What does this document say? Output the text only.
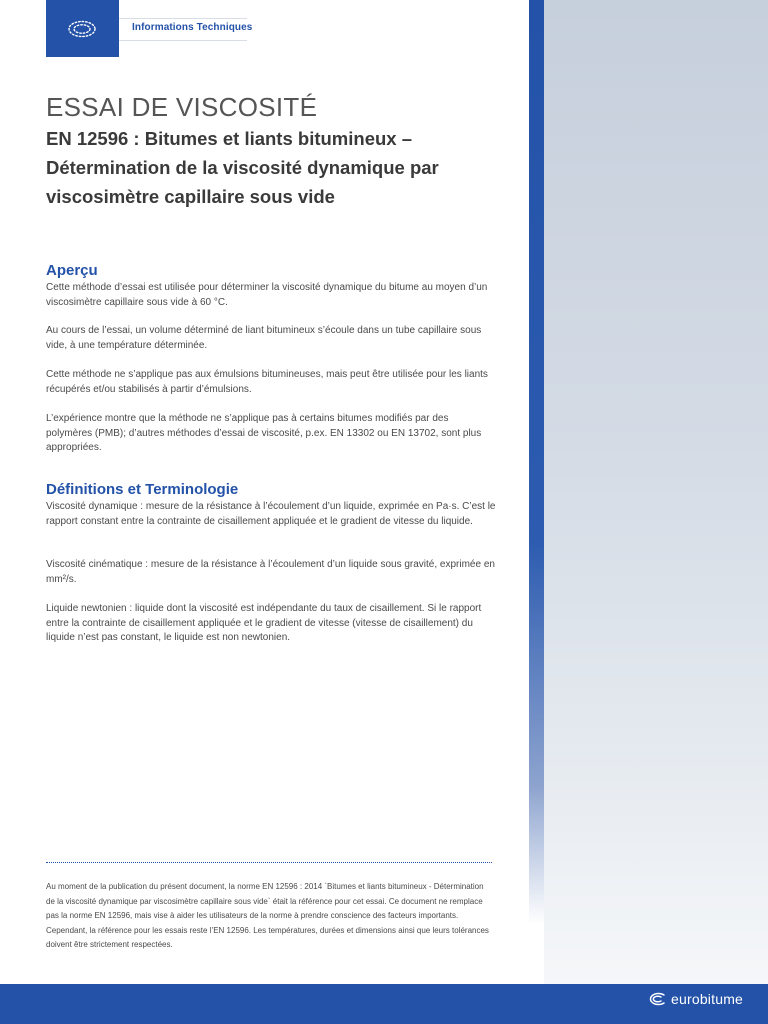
Informations Techniques
ESSAI DE VISCOSITÉ
EN 12596 : Bitumes et liants bitumineux – Détermination de la viscosité dynamique par viscosimètre capillaire sous vide
Aperçu

Cette méthode d’essai est utilisée pour déterminer la viscosité dynamique du bitume au moyen d’un viscosimètre capillaire sous vide à 60 °C.

Au cours de l’essai, un volume déterminé de liant bitumineux s’écoule dans un tube capillaire sous vide, à une température déterminée.

Cette méthode ne s’applique pas aux émulsions bitumineuses, mais peut être utilisée pour les liants récupérés et/ou stabilisés à partir d’émulsions.

L’expérience montre que la méthode ne s’applique pas à certains bitumes modifiés par des polymères (PMB); d’autres méthodes d’essai de viscosité, p.ex. EN 13302 ou EN 13702, sont plus appropriées.

Définitions et Terminologie

Viscosité dynamique : mesure de la résistance à l’écoulement d’un liquide, exprimée en Pa·s. C’est le rapport constant entre la contrainte de cisaillement appliquée et le gradient de vitesse du liquide.

Viscosité cinématique : mesure de la résistance à l’écoulement d’un liquide sous gravité, exprimée en mm²/s.

Liquide newtonien : liquide dont la viscosité est indépendante du taux de cisaillement. Si le rapport entre la contrainte de cisaillement appliquée et le gradient de vitesse (vitesse de cisaillement) du liquide n’est pas constant, le liquide est non newtonien.

Au moment de la publication du présent document, la norme EN 12596 : 2014 `Bitumes et liants bitumineux - Détermination de la viscosité dynamique par viscosimètre capillaire sous vide` était la référence pour cet essai. Ce document ne remplace pas la norme EN 12596, mais vise à aider les utilisateurs de la norme à prendre conscience des facteurs importants. Cependant, la référence pour les essais reste l’EN 12596. Les températures, durées et dimensions ainsi que leurs tolérances doivent être strictement respectées.

eurobitume
